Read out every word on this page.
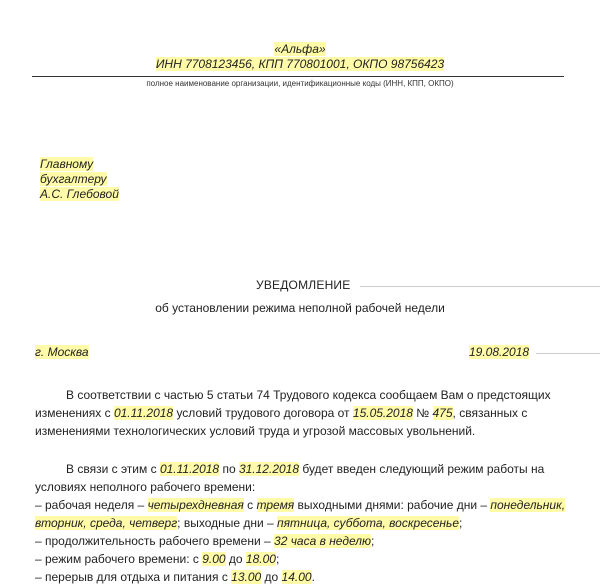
«Альфа»
ИНН 7708123456, КПП 770801001, ОКПО 98756423
полное наименование организации, идентификационные коды (ИНН, КПП, ОКПО)
Главному
бухгалтеру
А.С. Глебовой
УВЕДОМЛЕНИЕ
об установлении режима неполной рабочей недели
г. Москва	19.08.2018
В соответствии с частью 5 статьи 74 Трудового кодекса сообщаем Вам о предстоящих
изменениях с 01.11.2018 условий трудового договора от 15.05.2018 № 475, связанных с
изменениями технологических условий труда и угрозой массовых увольнений.
В связи с этим с 01.11.2018 по 31.12.2018 будет введен следующий режим работы на
условиях неполного рабочего времени:
– рабочая неделя – четырехдневная с тремя выходными днями: рабочие дни – понедельник,
вторник, среда, четверг; выходные дни – пятница, суббота, воскресенье;
– продолжительность рабочего времени – 32 часа в неделю;
– режим рабочего времени: с 9.00 до 18.00;
– перерыв для отдыха и питания с 13.00 до 14.00.
